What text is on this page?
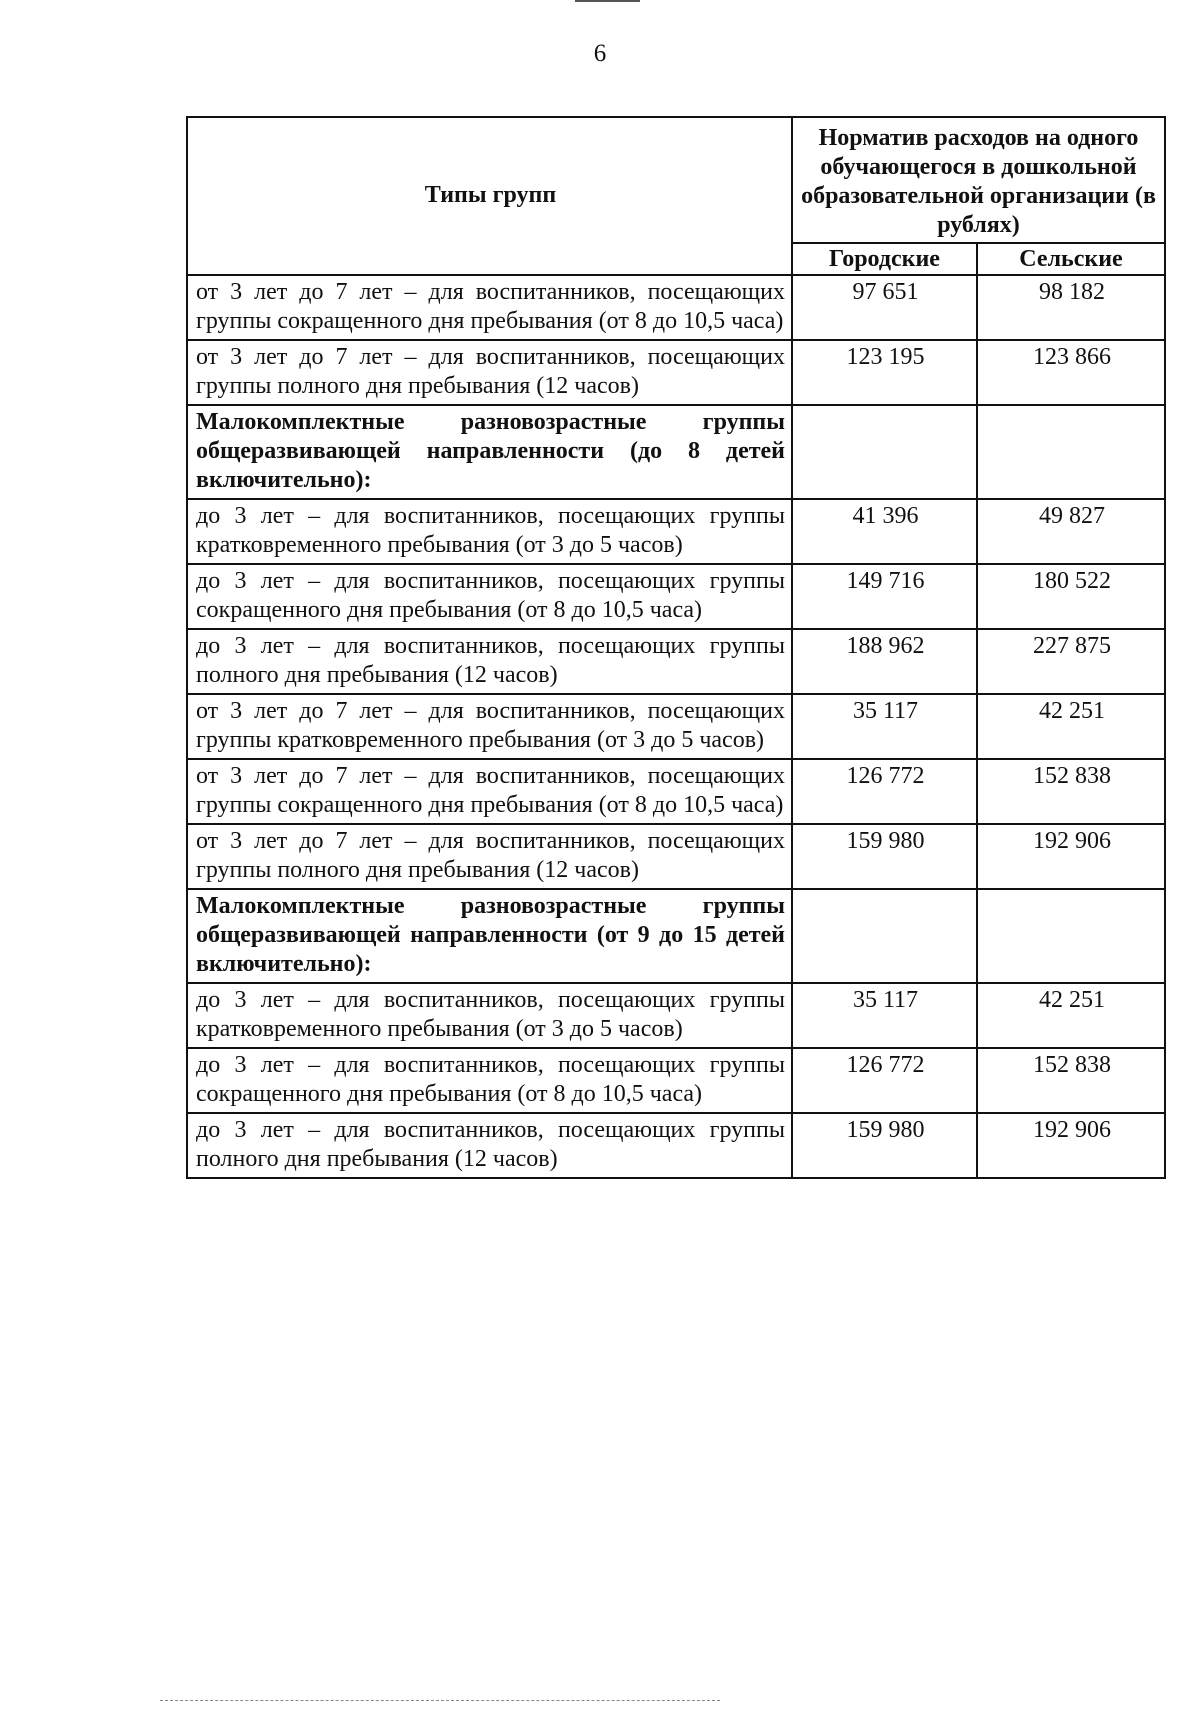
6
Типы групп	Норматив расходов на одного обучающегося в дошкольной образовательной организации (в рублях)	
	Городские	Сельские
от 3 лет до 7 лет – для воспитанников, посещающих группы сокращенного дня пребывания (от 8 до 10,5 часа)	97 651	98 182
от 3 лет до 7 лет – для воспитанников, посещающих группы полного дня пребывания (12 часов)	123 195	123 866
Малокомплектные разновозрастные группы общеразвивающей направленности (до 8 детей включительно):		
до 3 лет – для воспитанников, посещающих группы кратковременного пребывания (от 3 до 5 часов)	41 396	49 827
до 3 лет – для воспитанников, посещающих группы сокращенного дня пребывания (от 8 до 10,5 часа)	149 716	180 522
до 3 лет – для воспитанников, посещающих группы полного дня пребывания (12 часов)	188 962	227 875
от 3 лет до 7 лет – для воспитанников, посещающих группы кратковременного пребывания (от 3 до 5 часов)	35 117	42 251
от 3 лет до 7 лет – для воспитанников, посещающих группы сокращенного дня пребывания (от 8 до 10,5 часа)	126 772	152 838
от 3 лет до 7 лет – для воспитанников, посещающих группы полного дня пребывания (12 часов)	159 980	192 906
Малокомплектные разновозрастные группы общеразвивающей направленности (от 9 до 15 детей включительно):		
до 3 лет – для воспитанников, посещающих группы кратковременного пребывания (от 3 до 5 часов)	35 117	42 251
до 3 лет – для воспитанников, посещающих группы сокращенного дня пребывания (от 8 до 10,5 часа)	126 772	152 838
до 3 лет – для воспитанников, посещающих группы полного дня пребывания (12 часов)	159 980	192 906
